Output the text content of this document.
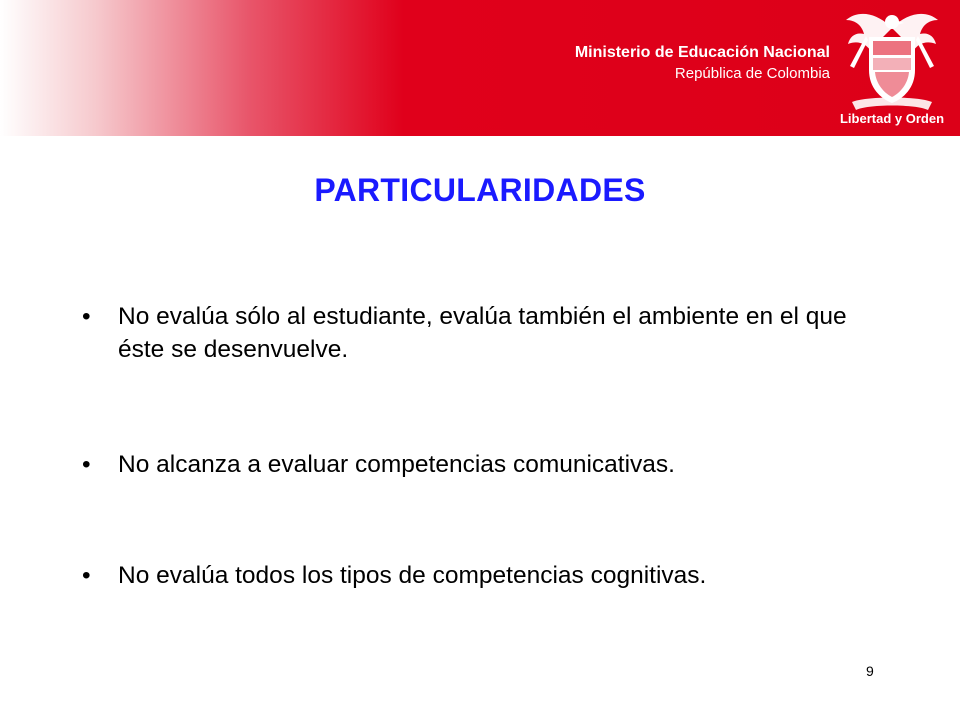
Ministerio de Educación Nacional
República de Colombia
Libertad y Orden
PARTICULARIDADES
• No evalúa sólo al estudiante, evalúa también el ambiente en el que éste se desenvuelve.
• No alcanza a evaluar competencias comunicativas.
• No evalúa todos los tipos de competencias cognitivas.
9
